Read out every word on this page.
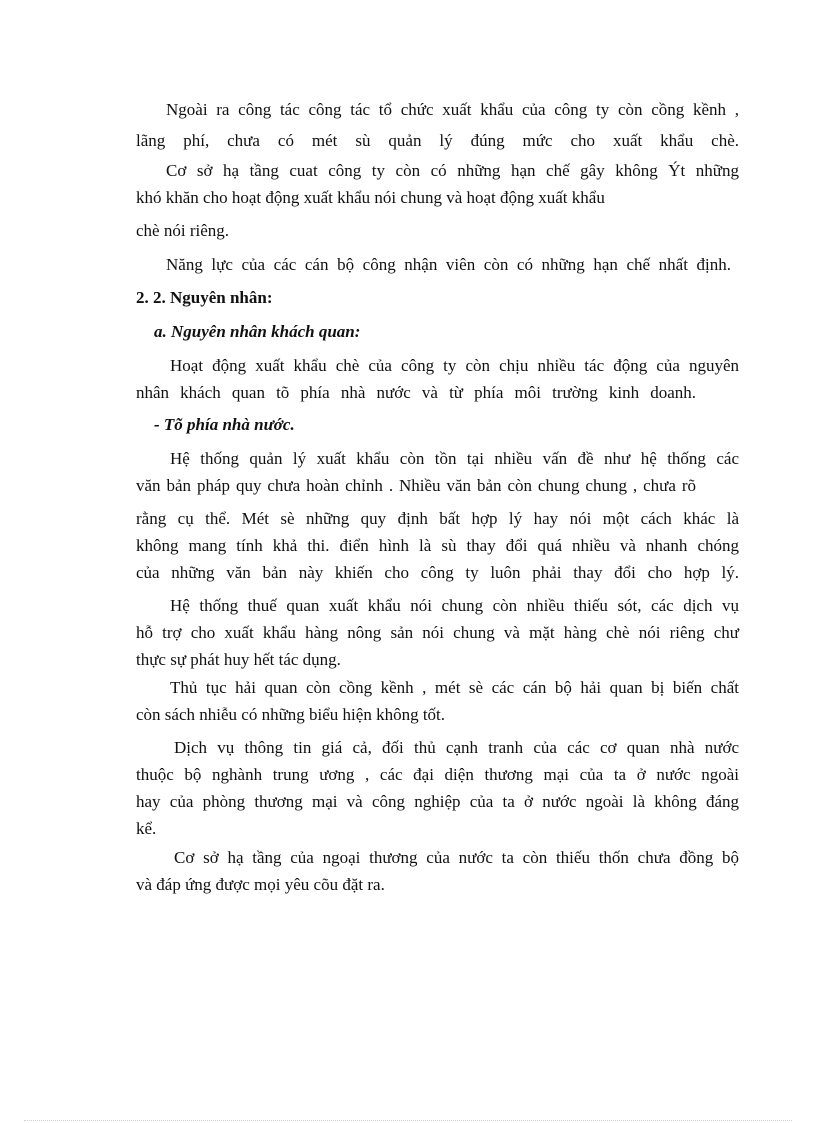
Ngoài ra công tác công tác tổ chức xuất khẩu của công ty còn cồng kềnh ,
lãng phí, chưa có mét sù quản lý đúng mức cho xuất khẩu chè.
Cơ sở hạ tầng cuat công ty còn có những hạn chế gây không Ýt những
khó khăn cho hoạt động xuất khẩu nói chung và hoạt động xuất khẩu
chè nói riêng.
Năng lực của các cán bộ công nhận viên còn có những hạn chế nhất định.
2. 2. Nguyên nhân:
a. Nguyên nhân khách quan:
Hoạt động xuất khẩu chè của công ty còn chịu nhiều tác động của nguyên
nhân khách quan tõ phía nhà nước và từ phía môi trường kinh doanh.
- Tõ phía nhà nước.
Hệ thống quản lý xuất khẩu còn tồn tại nhiều vấn đề như hệ thống các
văn bản pháp quy chưa hoàn chỉnh . Nhiều văn bản còn chung chung , chưa rõ
rằng cụ thể. Mét sè những quy định bất hợp lý hay nói một cách khác là
không mang tính khả thi. điển hình là sù thay đổi quá nhiều và nhanh chóng
của những văn bản này khiến cho công ty luôn phải thay đổi cho hợp lý.
Hệ thống thuế quan xuất khẩu nói chung còn nhiều thiếu sót, các dịch vụ
hỗ trợ cho xuất khẩu hàng nông sản nói chung và mặt hàng chè nói riêng chư
thực sự phát huy hết tác dụng.
Thủ tục hải quan còn cồng kềnh , mét sè các cán bộ hải quan bị biến chất
còn sách nhiễu có những biểu hiện không tốt.
Dịch vụ thông tin giá cả, đối thủ cạnh tranh của các cơ quan nhà nước
thuộc bộ nghành trung ương , các đại diện thương mại của ta ở nước ngoài
hay của phòng thương mại và công nghiệp của ta ở nước ngoài là không đáng
kể.
Cơ sở hạ tầng của ngoại thương của nước ta còn thiếu thốn chưa đồng bộ
và đáp ứng được mọi yêu cõu đặt ra.
